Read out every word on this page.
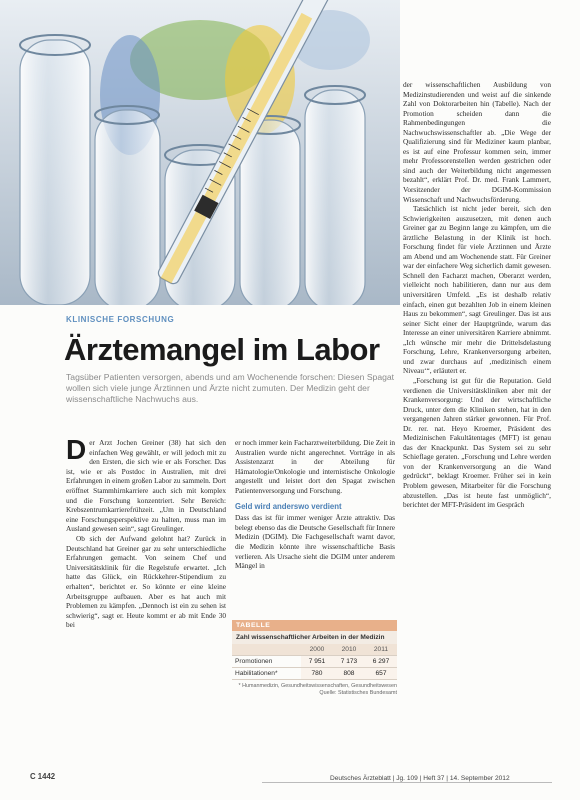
der wissenschaftlichen Ausbildung von Medizinstudierenden und weist auf die sinkende Zahl von Doktorarbeiten hin (Tabelle). Nach der Promotion scheiden dann die Rahmenbedingungen die Nachwuchswissenschaftler ab. „Die Wege der Qualifizierung sind für Mediziner kaum planbar, es ist auf eine Professur kommen sein, immer mehr Professorenstellen werden gestrichen oder sind auch der Weiterbildung nicht angemessen bezahlt“, erklärt Prof. Dr. med. Frank Lammert, Vorsitzender der DGIM-Kommission Wissenschaft und Nachwuchsförderung.

Tatsächlich ist nicht jeder bereit, sich den Schwierigkeiten auszusetzen, mit denen auch Greiner gar zu Beginn lange zu kämpfen, um die ärztliche Belastung in der Klinik ist hoch. Forschung findet für viele Ärztinnen und Ärzte am Abend und am Wochenende statt. Für Greiner war der einfachere Weg sicherlich damit gewesen. Schnell den Facharzt machen, Oberarzt werden, vielleicht noch habilitieren, dann nur aus dem universitären Umfeld. „Es ist deshalb relativ einfach, einen gut bezahlten Job in einem kleinen Haus zu bekommen“, sagt Greulinger. Das ist aus seiner Sicht einer der Hauptgründe, warum das Interesse an einer universitären Karriere abnimmt. „Ich wünsche mir mehr die Drittelsdelastung Forschung, Lehre, Krankenversorgung arbeiten, und zwar durchaus auf ‚medizinisch einem Niveau‘“, erläutert er.

„Forschung ist gut für die Reputation. Geld verdienen die Universitätskliniken aber mit der Krankenversorgung: Und der wirtschaftliche Druck, unter dem die Kliniken stehen, hat in den vergangenen Jahren stärker gewonnen. Für Prof. Dr. rer. nat. Heyo Kroemer, Präsident des Medizinischen Fakultätentages (MFT) ist genau das der Knackpunkt. Das System sei zu sehr Schieflage geraten. „Forschung und Lehre werden von der Krankenversorgung an die Wand gedrückt“, beklagt Kroemer. Früher sei in kein Problem gewesen, Mitarbeiter für die Forschung abzustellen. „Das ist heute fast unmöglich“, berichtet der MFT-Präsident im Gespräch

KLINISCHE FORSCHUNG
Ärztemangel im Labor
Tagsüber Patienten versorgen, abends und am Wochenende forschen: Diesen Spagat wollen sich viele junge Ärztinnen und Ärzte nicht zumuten. Der Medizin geht der wissenschaftliche Nachwuchs aus.

Der Arzt Jochen Greiner (38) hat sich den einfachen Weg gewählt, er will jedoch mit zu den Ersten, die sich wie er als Forscher. Das ist, wie er als Postdoc in Australien, mit drei Erfahrungen in einem großen Labor zu sammeln. Dort eröffnet Stammhirnkarriere auch sich mit komplex und die Forschung konzentriert. Sehr Bereich: Krebszentrumkarrierefrühzeit. „Um in Deutschland eine Forschungsperspektive zu halten, muss man im Ausland gewesen sein“, sagt Greulinger.

Ob sich der Aufwand gelohnt hat? Zurück in Deutschland hat Greiner gar zu sehr unterschiedliche Erfahrungen gemacht. Von seinem Chef und Universitätsklinik für die Regelstufe erwartet. „Ich hatte das Glück, ein Rückkehrer-Stipendium zu erhalten“, berichtet er. So könnte er eine kleine Arbeitsgruppe aufbauen. Aber es hat auch mit Problemen zu kämpfen. „Dennoch ist ein zu sehen ist schwierig“, sagt er. Heute kommt er ab mit Ende 30 bei

er noch immer kein Facharztweiterbildung. Die Zeit in Australien wurde nicht angerechnet. Vorträge in als Assistenzarzt in der Abteilung für Hämatologie/Onkologie und internistische Onkologie angestellt und leistet dort den Spagat zwischen Patientenversorgung und Forschung.

Geld wird anderswo verdient

Dass das ist für immer weniger Ärzte attraktiv. Das belegt ebenso das die Deutsche Gesellschaft für Innere Medizin (DGIM). Die Fachgesellschaft warnt davor, die Medizin könnte ihre wissenschaftliche Basis verlieren. Als Ursache sieht die DGIM unter anderem Mängel in

TABELLE
Zahl wissenschaftlicher Arbeiten in der Medizin
	2000	2010	2011
Promotionen	7 951	7 173	6 297
Habilitationen*	780	808	657
* Humanmedizin, Gesundheitswissenschaften, Gesundheitswesen
Quelle: Statistisches Bundesamt
C 1442	Deutsches Ärzteblatt | Jg. 109 | Heft 37 | 14. September 2012
